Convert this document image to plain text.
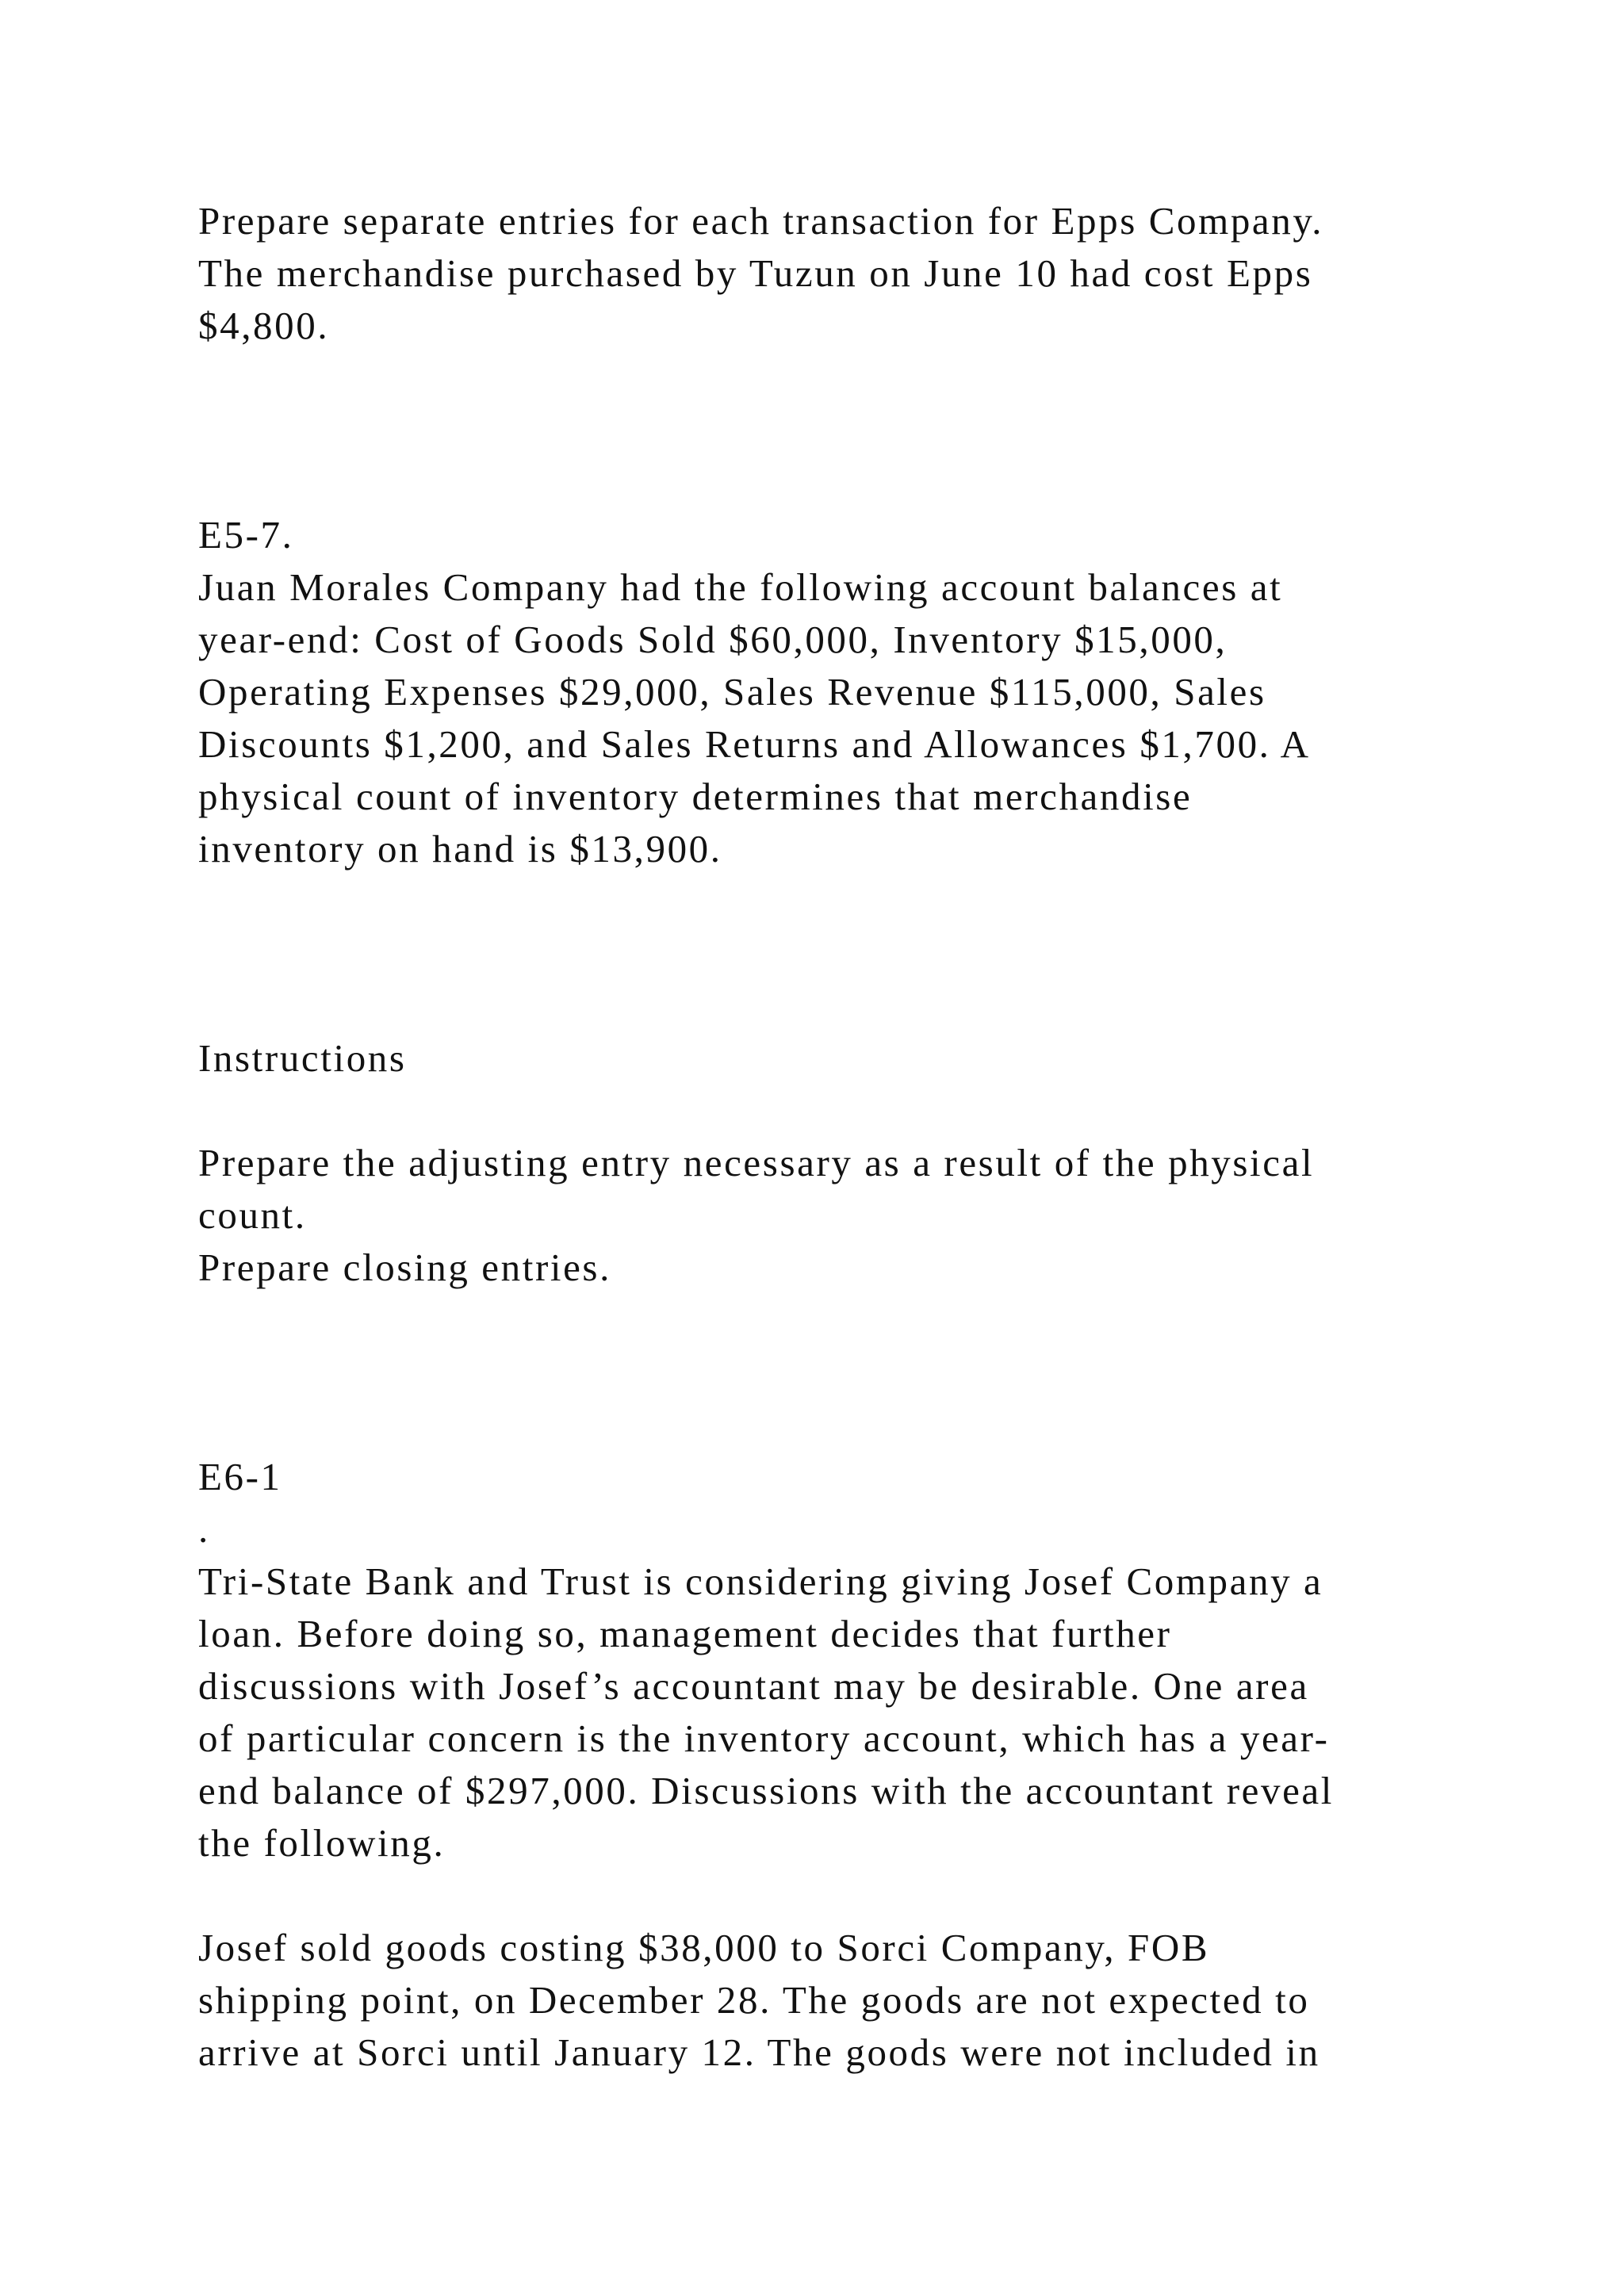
Prepare separate entries for each transaction for Epps Company.

The merchandise purchased by Tuzun on June 10 had cost Epps

$4,800.

E5-7.

Juan Morales Company had the following account balances at

year-end: Cost of Goods Sold $60,000, Inventory $15,000,

Operating Expenses $29,000, Sales Revenue $115,000, Sales

Discounts $1,200, and Sales Returns and Allowances $1,700. A

physical count of inventory determines that merchandise

inventory on hand is $13,900.

Instructions

Prepare the adjusting entry necessary as a result of the physical

count.

Prepare closing entries.

E6-1

.

Tri-State Bank and Trust is considering giving Josef Company a

loan. Before doing so, management decides that further

discussions with Josef’s accountant may be desirable. One area

of particular concern is the inventory account, which has a year-

end balance of $297,000. Discussions with the accountant reveal

the following.

Josef sold goods costing $38,000 to Sorci Company, FOB

shipping point, on December 28. The goods are not expected to

arrive at Sorci until January 12. The goods were not included in
